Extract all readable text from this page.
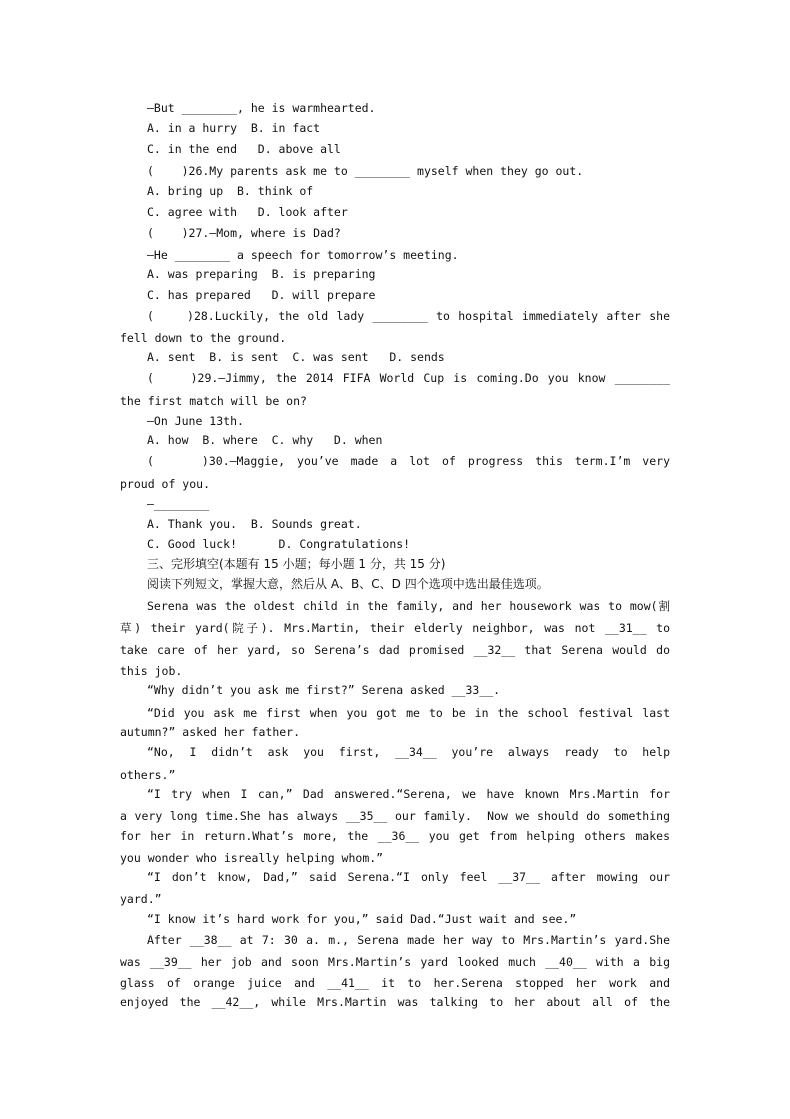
—But ________, he is warmhearted.
A. in a hurry  B. in fact
C. in the end   D. above all
(    )26.My parents ask me to ________ myself when they go out.
A. bring up  B. think of
C. agree with   D. look after
(    )27.—Mom, where is Dad?
—He ________ a speech for tomorrow’s meeting.
A. was preparing  B. is preparing
C. has prepared   D. will prepare
(    )28.Luckily, the old lady ________ to hospital immediately after she
fell down to the ground.
A. sent  B. is sent  C. was sent   D. sends
(    )29.—Jimmy, the 2014 FIFA World Cup is coming.Do you know ________
the first match will be on?
—On June 13th.
A. how  B. where  C. why   D. when
(    )30.—Maggie, you’ve made a lot of progress this term.I’m very
proud of you.
—________
A. Thank you.  B. Sounds great.
C. Good luck!      D. Congratulations!
三、完形填空(本题有 15 小题；每小题 1 分，共 15 分)
阅读下列短文，掌握大意，然后从 A、B、C、D 四个选项中选出最佳选项。
Serena was the oldest child in the family, and her housework was to mow(割
草) their yard(院子). Mrs.Martin, their elderly neighbor, was not __31__ to
take care of her yard, so Serena’s dad promised __32__ that Serena would do
this job.
“Why didn’t you ask me first?” Serena asked __33__.
“Did you ask me first when you got me to be in the school festival last
autumn?” asked her father.
“No, I didn’t ask you first, __34__ you’re always ready to help
others.”
“I try when I can,” Dad answered.“Serena, we have known Mrs.Martin for
a very long time.She has always __35__ our family.  Now we should do something
for her in return.What’s more, the __36__ you get from helping others makes
you wonder who isreally helping whom.”
“I don’t know, Dad,” said Serena.“I only feel __37__ after mowing our
yard.”
“I know it’s hard work for you,” said Dad.“Just wait and see.”
After __38__ at 7: 30 a. m., Serena made her way to Mrs.Martin’s yard.She
was __39__ her job and soon Mrs.Martin’s yard looked much __40__ with a big
glass of orange juice and __41__ it to her.Serena stopped her work and
enjoyed the __42__, while Mrs.Martin was talking to her about all of the
